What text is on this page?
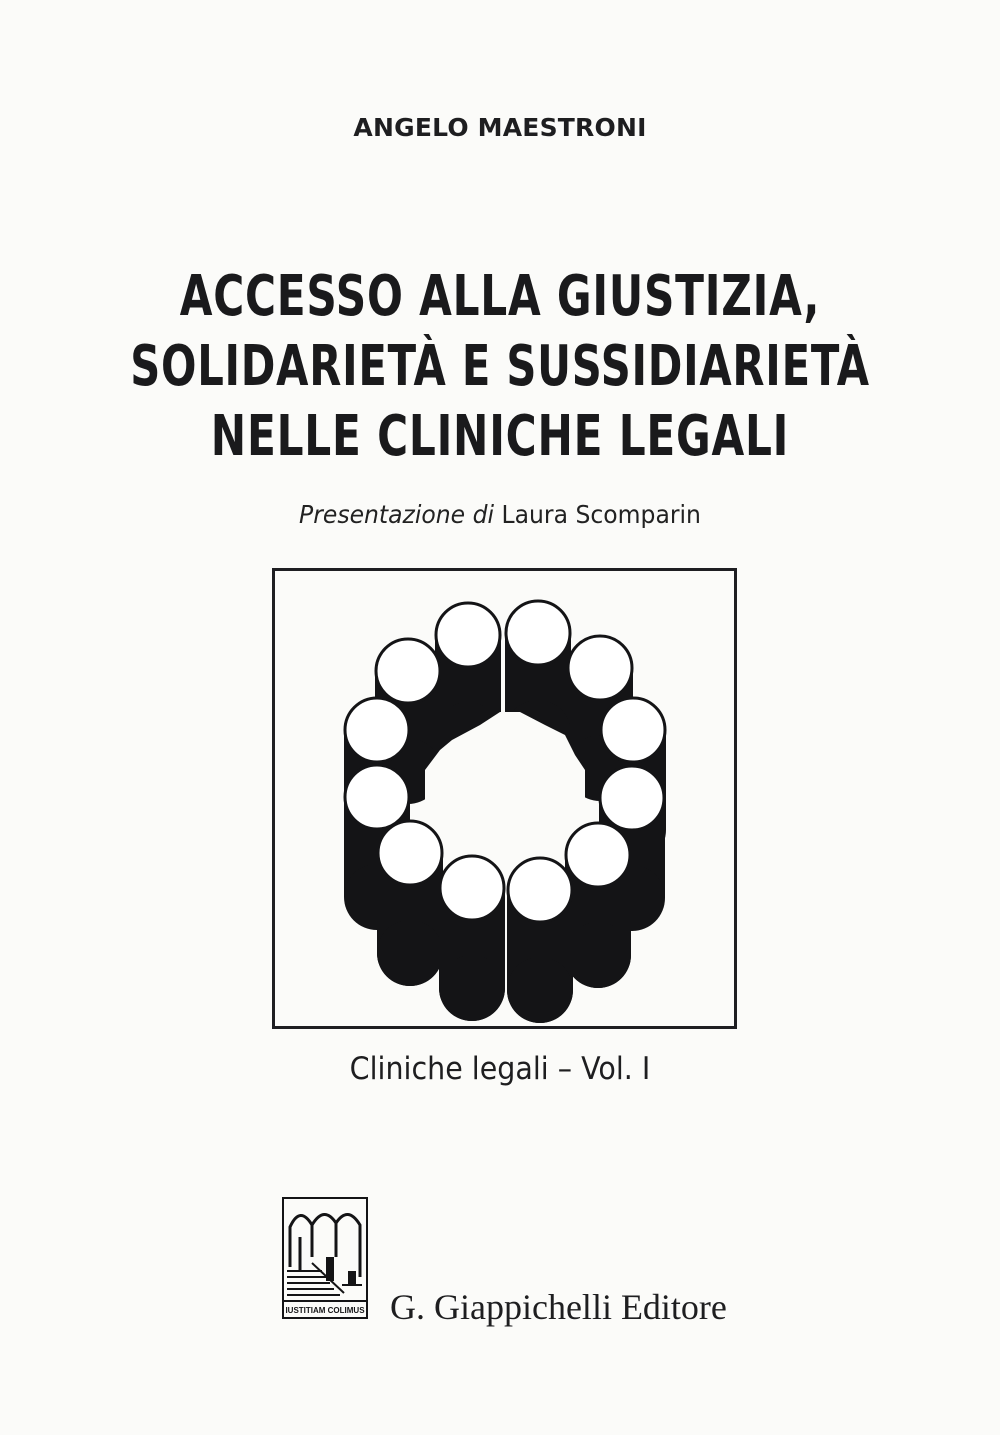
ANGELO MAESTRONI
ACCESSO ALLA GIUSTIZIA,
SOLIDARIETÀ E SUSSIDIARIETÀ
NELLE CLINICHE LEGALI
Presentazione di Laura Scomparin
Cliniche legali – Vol. I
IUSTITIAM COLIMUS G. Giappichelli Editore
